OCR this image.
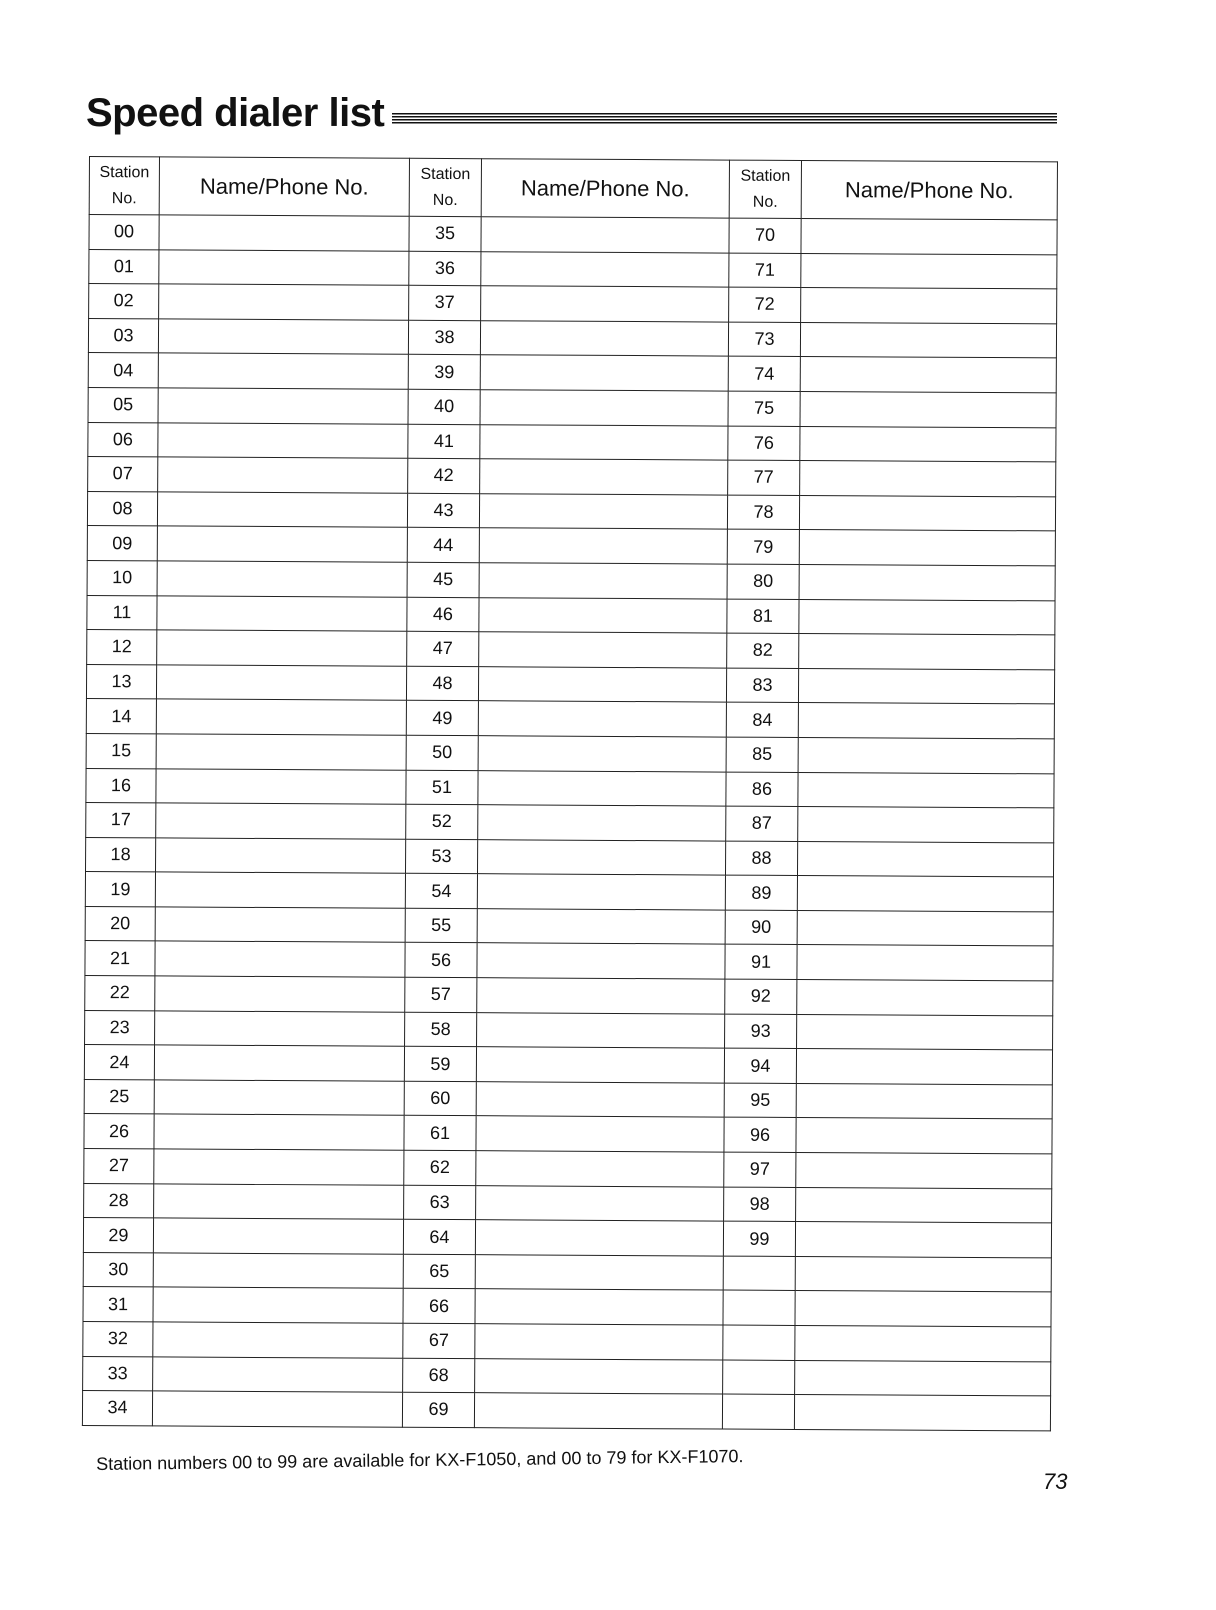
Speed dialer list
Station No.	Name/Phone No.	Station No.	Name/Phone No.	Station No.	Name/Phone No.
00		35		70	
01		36		71	
02		37		72	
03		38		73	
04		39		74	
05		40		75	
06		41		76	
07		42		77	
08		43		78	
09		44		79	
10		45		80	
11		46		81	
12		47		82	
13		48		83	
14		49		84	
15		50		85	
16		51		86	
17		52		87	
18		53		88	
19		54		89	
20		55		90	
21		56		91	
22		57		92	
23		58		93	
24		59		94	
25		60		95	
26		61		96	
27		62		97	
28		63		98	
29		64		99	
30		65			
31		66			
32		67			
33		68			
34		69			
Station numbers 00 to 99 are available for KX-F1050, and 00 to 79 for KX-F1070.
73
